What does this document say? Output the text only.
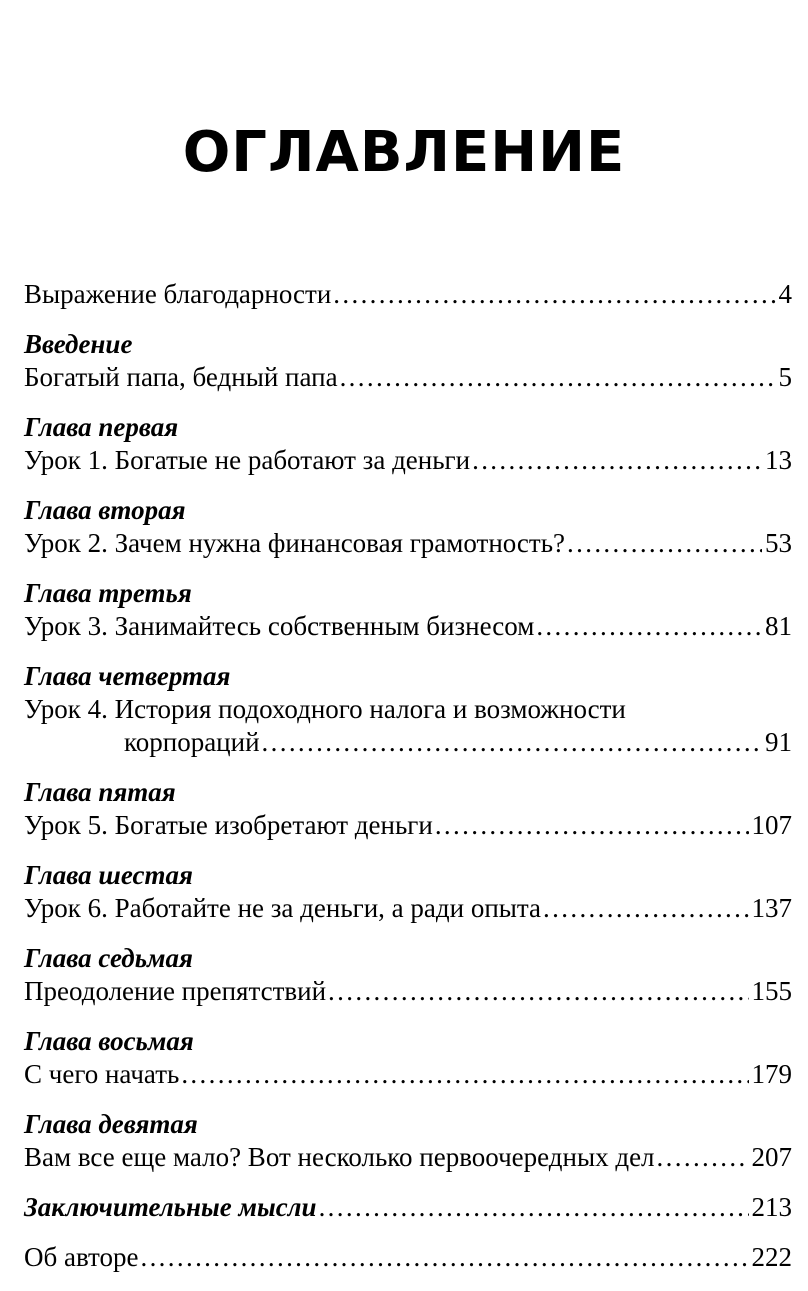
ОГЛАВЛЕНИЕ
Выражение благодарности . . .	4
Введение
Богатый папа, бедный папа . . .	5
Глава первая
Урок 1. Богатые не работают за деньги . . .	13
Глава вторая
Урок 2. Зачем нужна финансовая грамотность? . . .	53
Глава третья
Урок 3. Занимайтесь собственным бизнесом . . .	81
Глава четвертая
Урок 4. История подоходного налога и возможности
корпораций . . .	91
Глава пятая
Урок 5. Богатые изобретают деньги . . .	107
Глава шестая
Урок 6. Работайте не за деньги, а ради опыта . . .	137
Глава седьмая
Преодоление препятствий . . .	155
Глава восьмая
С чего начать . . .	179
Глава девятая
Вам все еще мало? Вот несколько первоочередных дел . . .	207
Заключительные мысли . . .	213
Об авторе . . .	222
